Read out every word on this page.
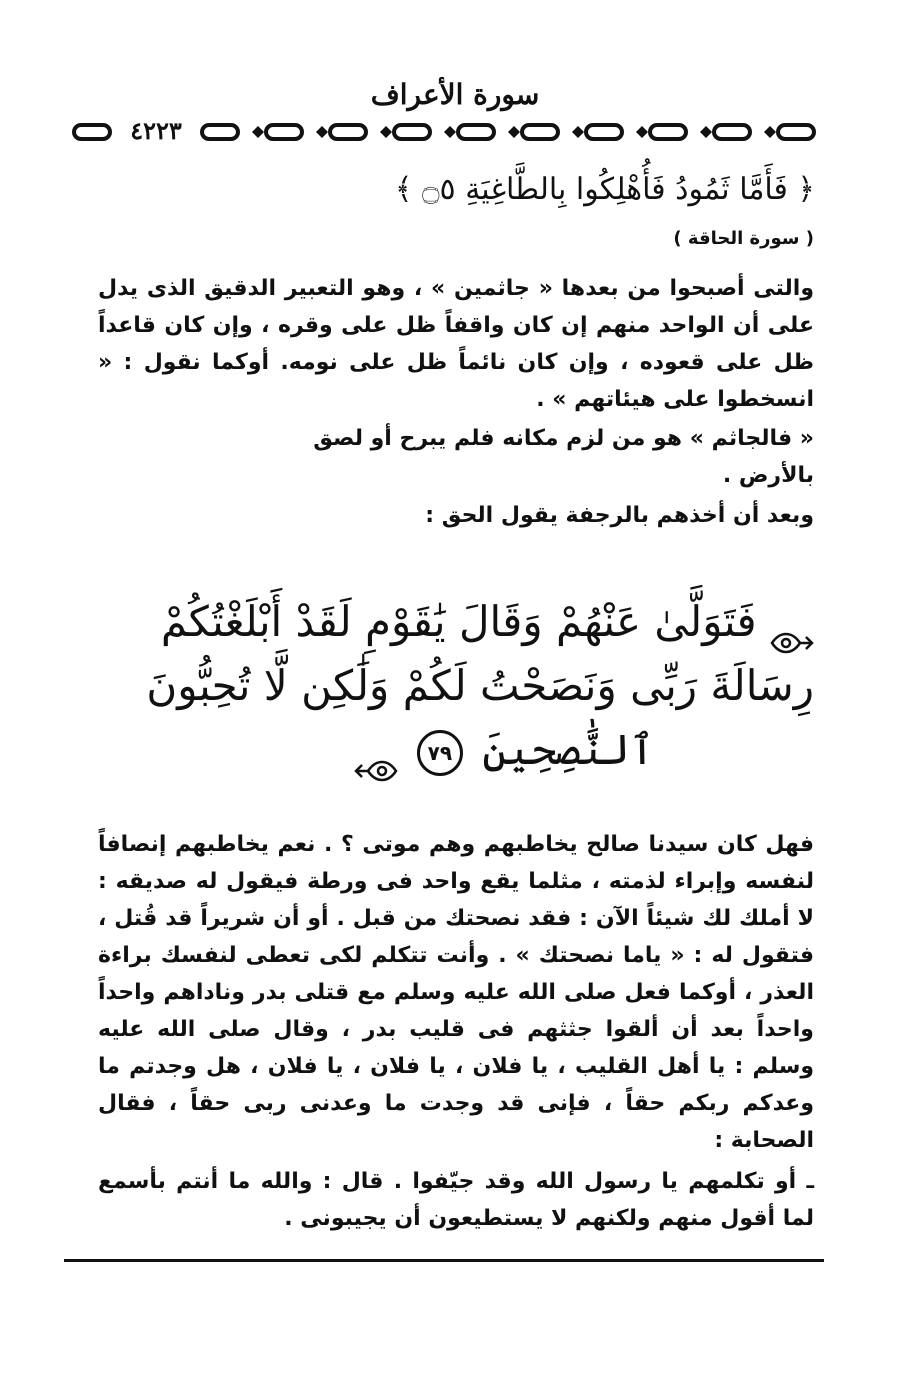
سورة الأعراف
٤٢٢٣
﴿ فَأَمَّا ثَمُودُ فَأُهْلِكُوا بِالطَّاغِيَةِ ۝٥ ﴾
( سورة الحاقة )

والتى أصبحوا من بعدها « جاثمين » ، وهو التعبير الدقيق الذى يدل على أن الواحد منهم إن كان واقفاً ظل على وقره ، وإن كان قاعداً ظل على قعوده ، وإن كان نائماً ظل على نومه. أوكما نقول : « انسخطوا على هيئاتهم » .

« فالجاثم » هو من لزم مكانه فلم يبرح أو لصق بالأرض .

وبعد أن أخذهم بالرجفة يقول الحق :

فَتَوَلَّىٰ عَنْهُمْ وَقَالَ يَٰقَوْمِ لَقَدْ أَبْلَغْتُكُمْ
رِسَالَةَ رَبِّى وَنَصَحْتُ لَكُمْ وَلَٰكِن لَّا تُحِبُّونَ
ٱلنَّٰصِحِينَ ٧٩

فهل كان سيدنا صالح يخاطبهم وهم موتى ؟ . نعم يخاطبهم إنصافاً لنفسه وإبراء لذمته ، مثلما يقع واحد فى ورطة فيقول له صديقه : لا أملك لك شيئاً الآن : فقد نصحتك من قبل . أو أن شريراً قد قُتل ، فتقول له : « ياما نصحتك » . وأنت تتكلم لكى تعطى لنفسك براءة العذر ، أوكما فعل صلى الله عليه وسلم مع قتلى بدر وناداهم واحداً واحداً بعد أن ألقوا جثثهم فى قليب بدر ، وقال صلى الله عليه وسلم : يا أهل القليب ، يا فلان ، يا فلان ، يا فلان ، هل وجدتم ما وعدكم ربكم حقاً ، فإنى قد وجدت ما وعدنى ربى حقاً ، فقال الصحابة :

ـ أو تكلمهم يا رسول الله وقد جيّفوا . قال : والله ما أنتم بأسمع لما أقول منهم ولكنهم لا يستطيعون أن يجيبونى .
